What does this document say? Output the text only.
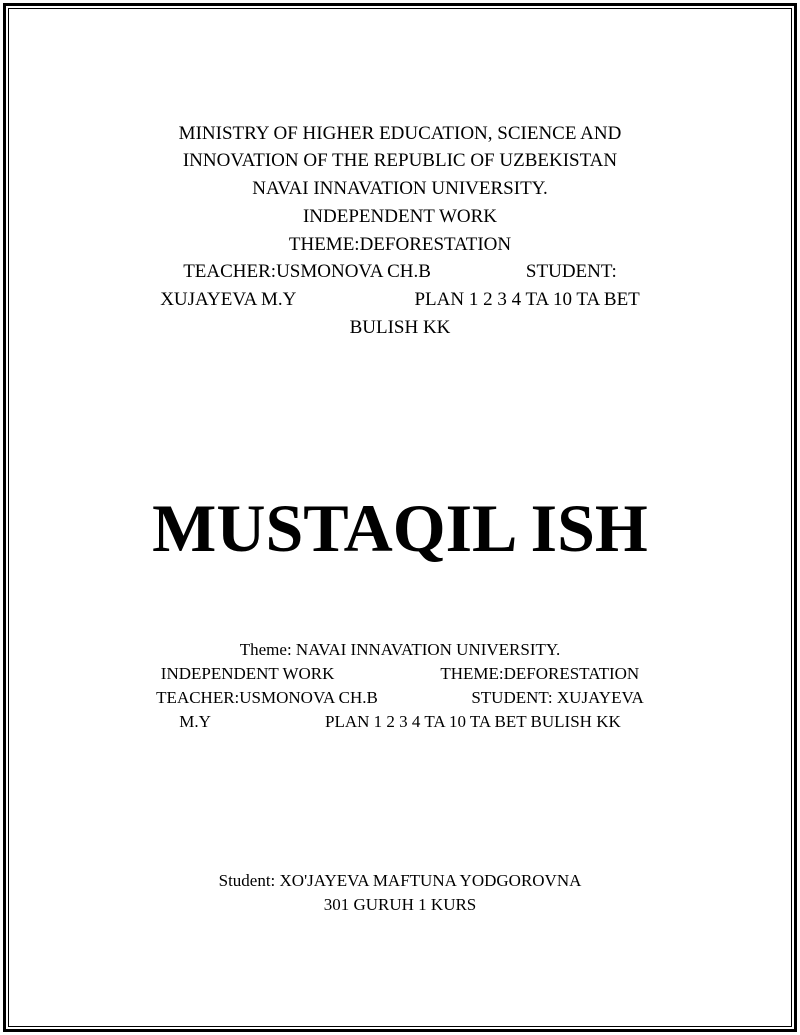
MINISTRY OF HIGHER EDUCATION, SCIENCE AND
INNOVATION OF THE REPUBLIC OF UZBEKISTAN
NAVAI INNAVATION UNIVERSITY.
INDEPENDENT WORK
THEME:DEFORESTATION
TEACHER:USMONOVA CH.B                    STUDENT:
XUJAYEVA M.Y                         PLAN 1 2 3 4 TA 10 TA BET
BULISH KK
MUSTAQIL ISH
Theme: NAVAI INNAVATION UNIVERSITY.
INDEPENDENT WORK                         THEME:DEFORESTATION
TEACHER:USMONOVA CH.B                      STUDENT: XUJAYEVA
M.Y                           PLAN 1 2 3 4 TA 10 TA BET BULISH KK
Student: XO'JAYEVA MAFTUNA YODGOROVNA
301 GURUH 1 KURS
